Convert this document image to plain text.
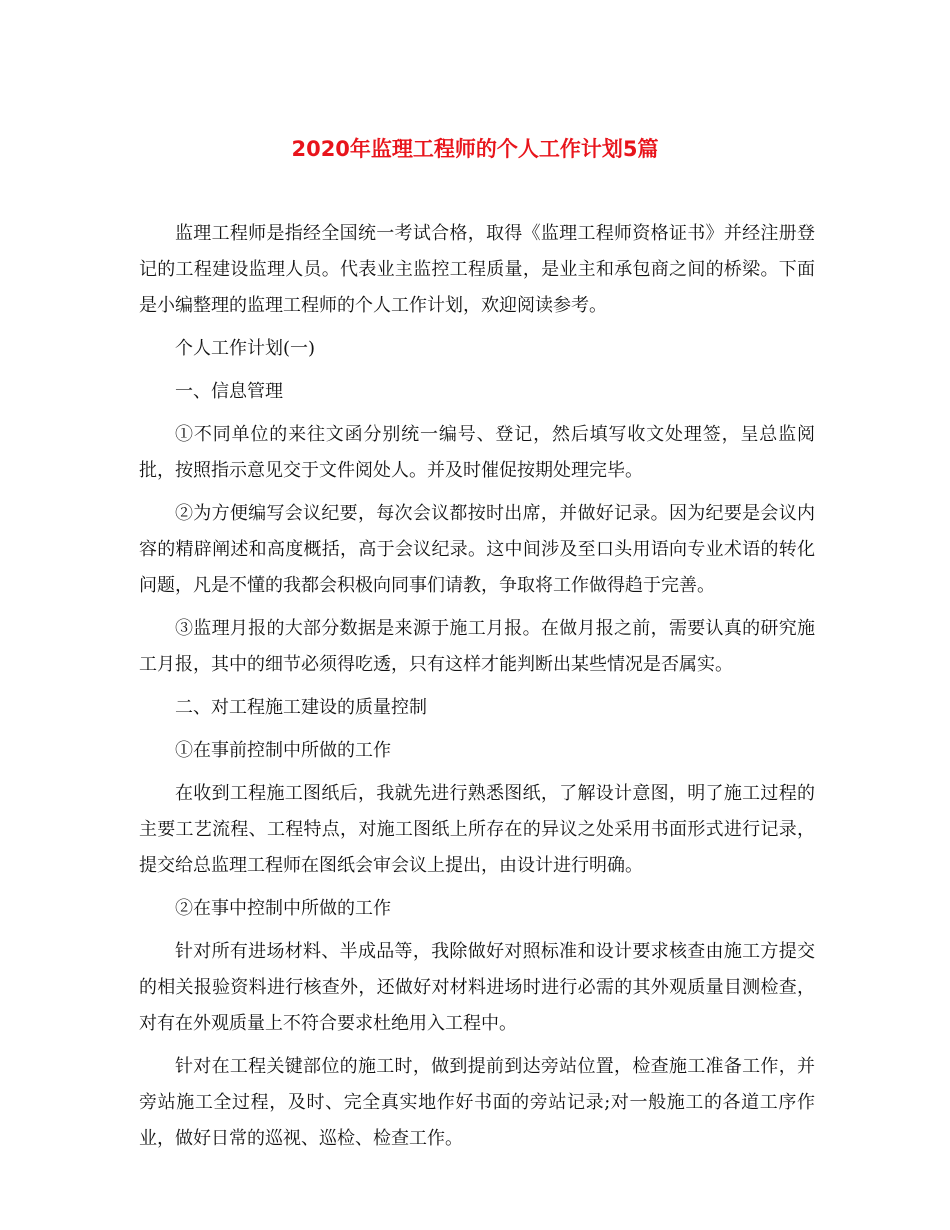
2020年监理工程师的个人工作计划5篇

监理工程师是指经全国统一考试合格，取得《监理工程师资格证书》并经注册登记的工程建设监理人员。代表业主监控工程质量，是业主和承包商之间的桥梁。下面是小编整理的监理工程师的个人工作计划，欢迎阅读参考。

个人工作计划(一)

一、信息管理

①不同单位的来往文函分别统一编号、登记，然后填写收文处理签，呈总监阅批，按照指示意见交于文件阅处人。并及时催促按期处理完毕。

②为方便编写会议纪要，每次会议都按时出席，并做好记录。因为纪要是会议内容的精辟阐述和高度概括，高于会议纪录。这中间涉及至口头用语向专业术语的转化问题，凡是不懂的我都会积极向同事们请教，争取将工作做得趋于完善。

③监理月报的大部分数据是来源于施工月报。在做月报之前，需要认真的研究施工月报，其中的细节必须得吃透，只有这样才能判断出某些情况是否属实。

二、对工程施工建设的质量控制

①在事前控制中所做的工作

在收到工程施工图纸后，我就先进行熟悉图纸，了解设计意图，明了施工过程的主要工艺流程、工程特点，对施工图纸上所存在的异议之处采用书面形式进行记录，提交给总监理工程师在图纸会审会议上提出，由设计进行明确。

②在事中控制中所做的工作

针对所有进场材料、半成品等，我除做好对照标准和设计要求核查由施工方提交的相关报验资料进行核查外，还做好对材料进场时进行必需的其外观质量目测检查，对有在外观质量上不符合要求杜绝用入工程中。

针对在工程关键部位的施工时，做到提前到达旁站位置，检查施工准备工作，并旁站施工全过程，及时、完全真实地作好书面的旁站记录;对一般施工的各道工序作业，做好日常的巡视、巡检、检查工作。
